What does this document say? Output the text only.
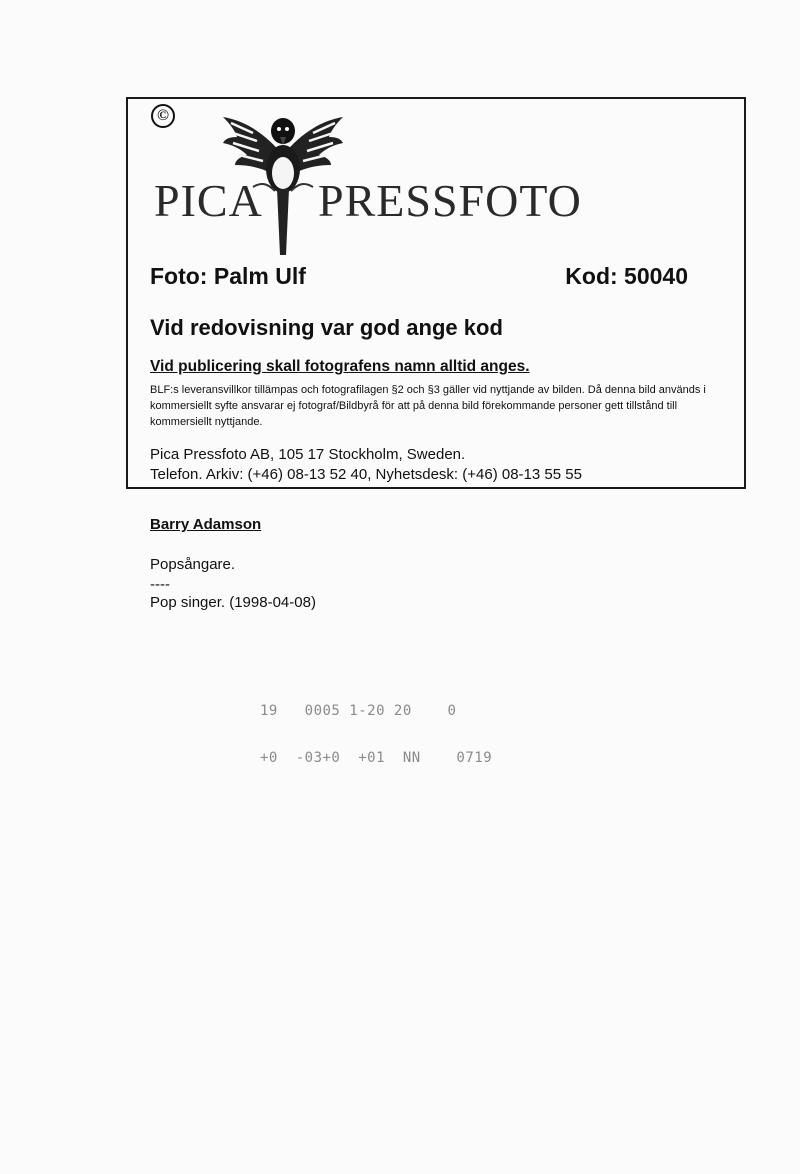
©
PICA PRESSFOTO
Foto: Palm Ulf	Kod: 50040
Vid redovisning var god ange kod
Vid publicering skall fotografens namn alltid anges.
BLF:s leveransvillkor tillämpas och fotografilagen §2 och §3 gäller vid nyttjande av bilden. Då denna bild används i kommersiellt syfte ansvarar ej fotograf/Bildbyrå för att på denna bild förekommande personer gett tillstånd till kommersiellt nyttjande.
Pica Pressfoto AB, 105 17 Stockholm, Sweden.
Telefon. Arkiv: (+46) 08-13 52 40, Nyhetsdesk: (+46) 08-13 55 55
Barry Adamson
Popsångare.
----
Pop singer. (1998-04-08)
19   0005 1-20 20    0
+0  -03+0  +01  NN    0719
